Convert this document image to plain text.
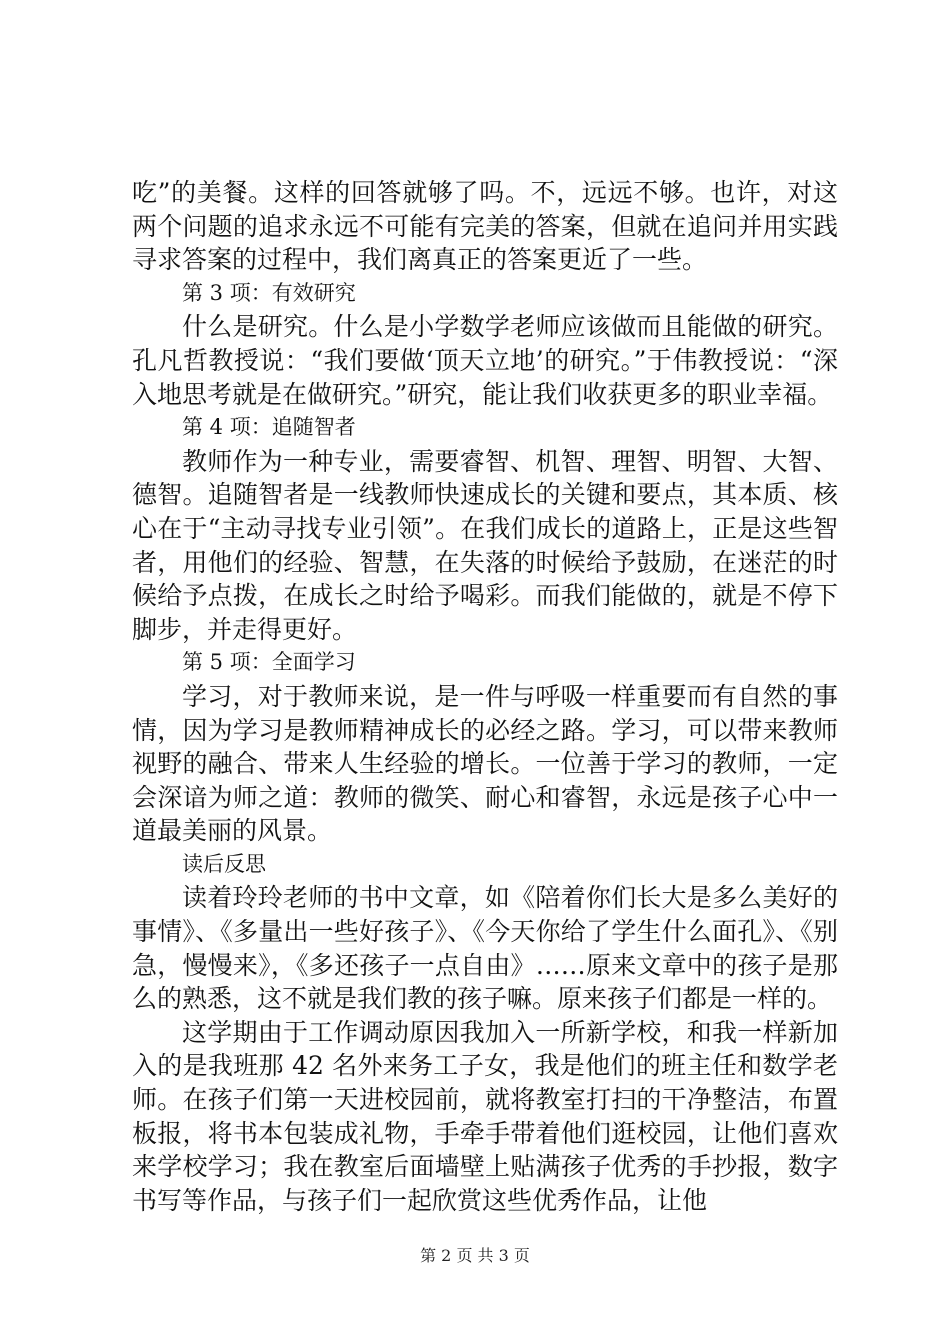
吃”的美餐。这样的回答就够了吗。不，远远不够。也许，对这两个问题的追求永远不可能有完美的答案，但就在追问并用实践寻求答案的过程中，我们离真正的答案更近了一些。

第 3 项：有效研究

什么是研究。什么是小学数学老师应该做而且能做的研究。孔凡哲教授说：“我们要做‘顶天立地’的研究。”于伟教授说：“深入地思考就是在做研究。”研究，能让我们收获更多的职业幸福。

第 4 项：追随智者

教师作为一种专业，需要睿智、机智、理智、明智、大智、德智。追随智者是一线教师快速成长的关键和要点，其本质、核心在于“主动寻找专业引领”。在我们成长的道路上，正是这些智者，用他们的经验、智慧，在失落的时候给予鼓励，在迷茫的时候给予点拨，在成长之时给予喝彩。而我们能做的，就是不停下脚步，并走得更好。

第 5 项：全面学习

学习，对于教师来说，是一件与呼吸一样重要而有自然的事情，因为学习是教师精神成长的必经之路。学习，可以带来教师视野的融合、带来人生经验的增长。一位善于学习的教师，一定会深谙为师之道：教师的微笑、耐心和睿智，永远是孩子心中一道最美丽的风景。

读后反思

读着玲玲老师的书中文章，如《陪着你们长大是多么美好的事情》、《多量出一些好孩子》、《今天你给了学生什么面孔》、《别急，慢慢来》，《多还孩子一点自由》……原来文章中的孩子是那么的熟悉，这不就是我们教的孩子嘛。原来孩子们都是一样的。

这学期由于工作调动原因我加入一所新学校，和我一样新加入的是我班那 42 名外来务工子女，我是他们的班主任和数学老师。在孩子们第一天进校园前，就将教室打扫的干净整洁，布置板报，将书本包装成礼物，手牵手带着他们逛校园，让他们喜欢来学校学习；我在教室后面墙壁上贴满孩子优秀的手抄报，数字书写等作品，与孩子们一起欣赏这些优秀作品，让他

第 2 页 共 3 页
